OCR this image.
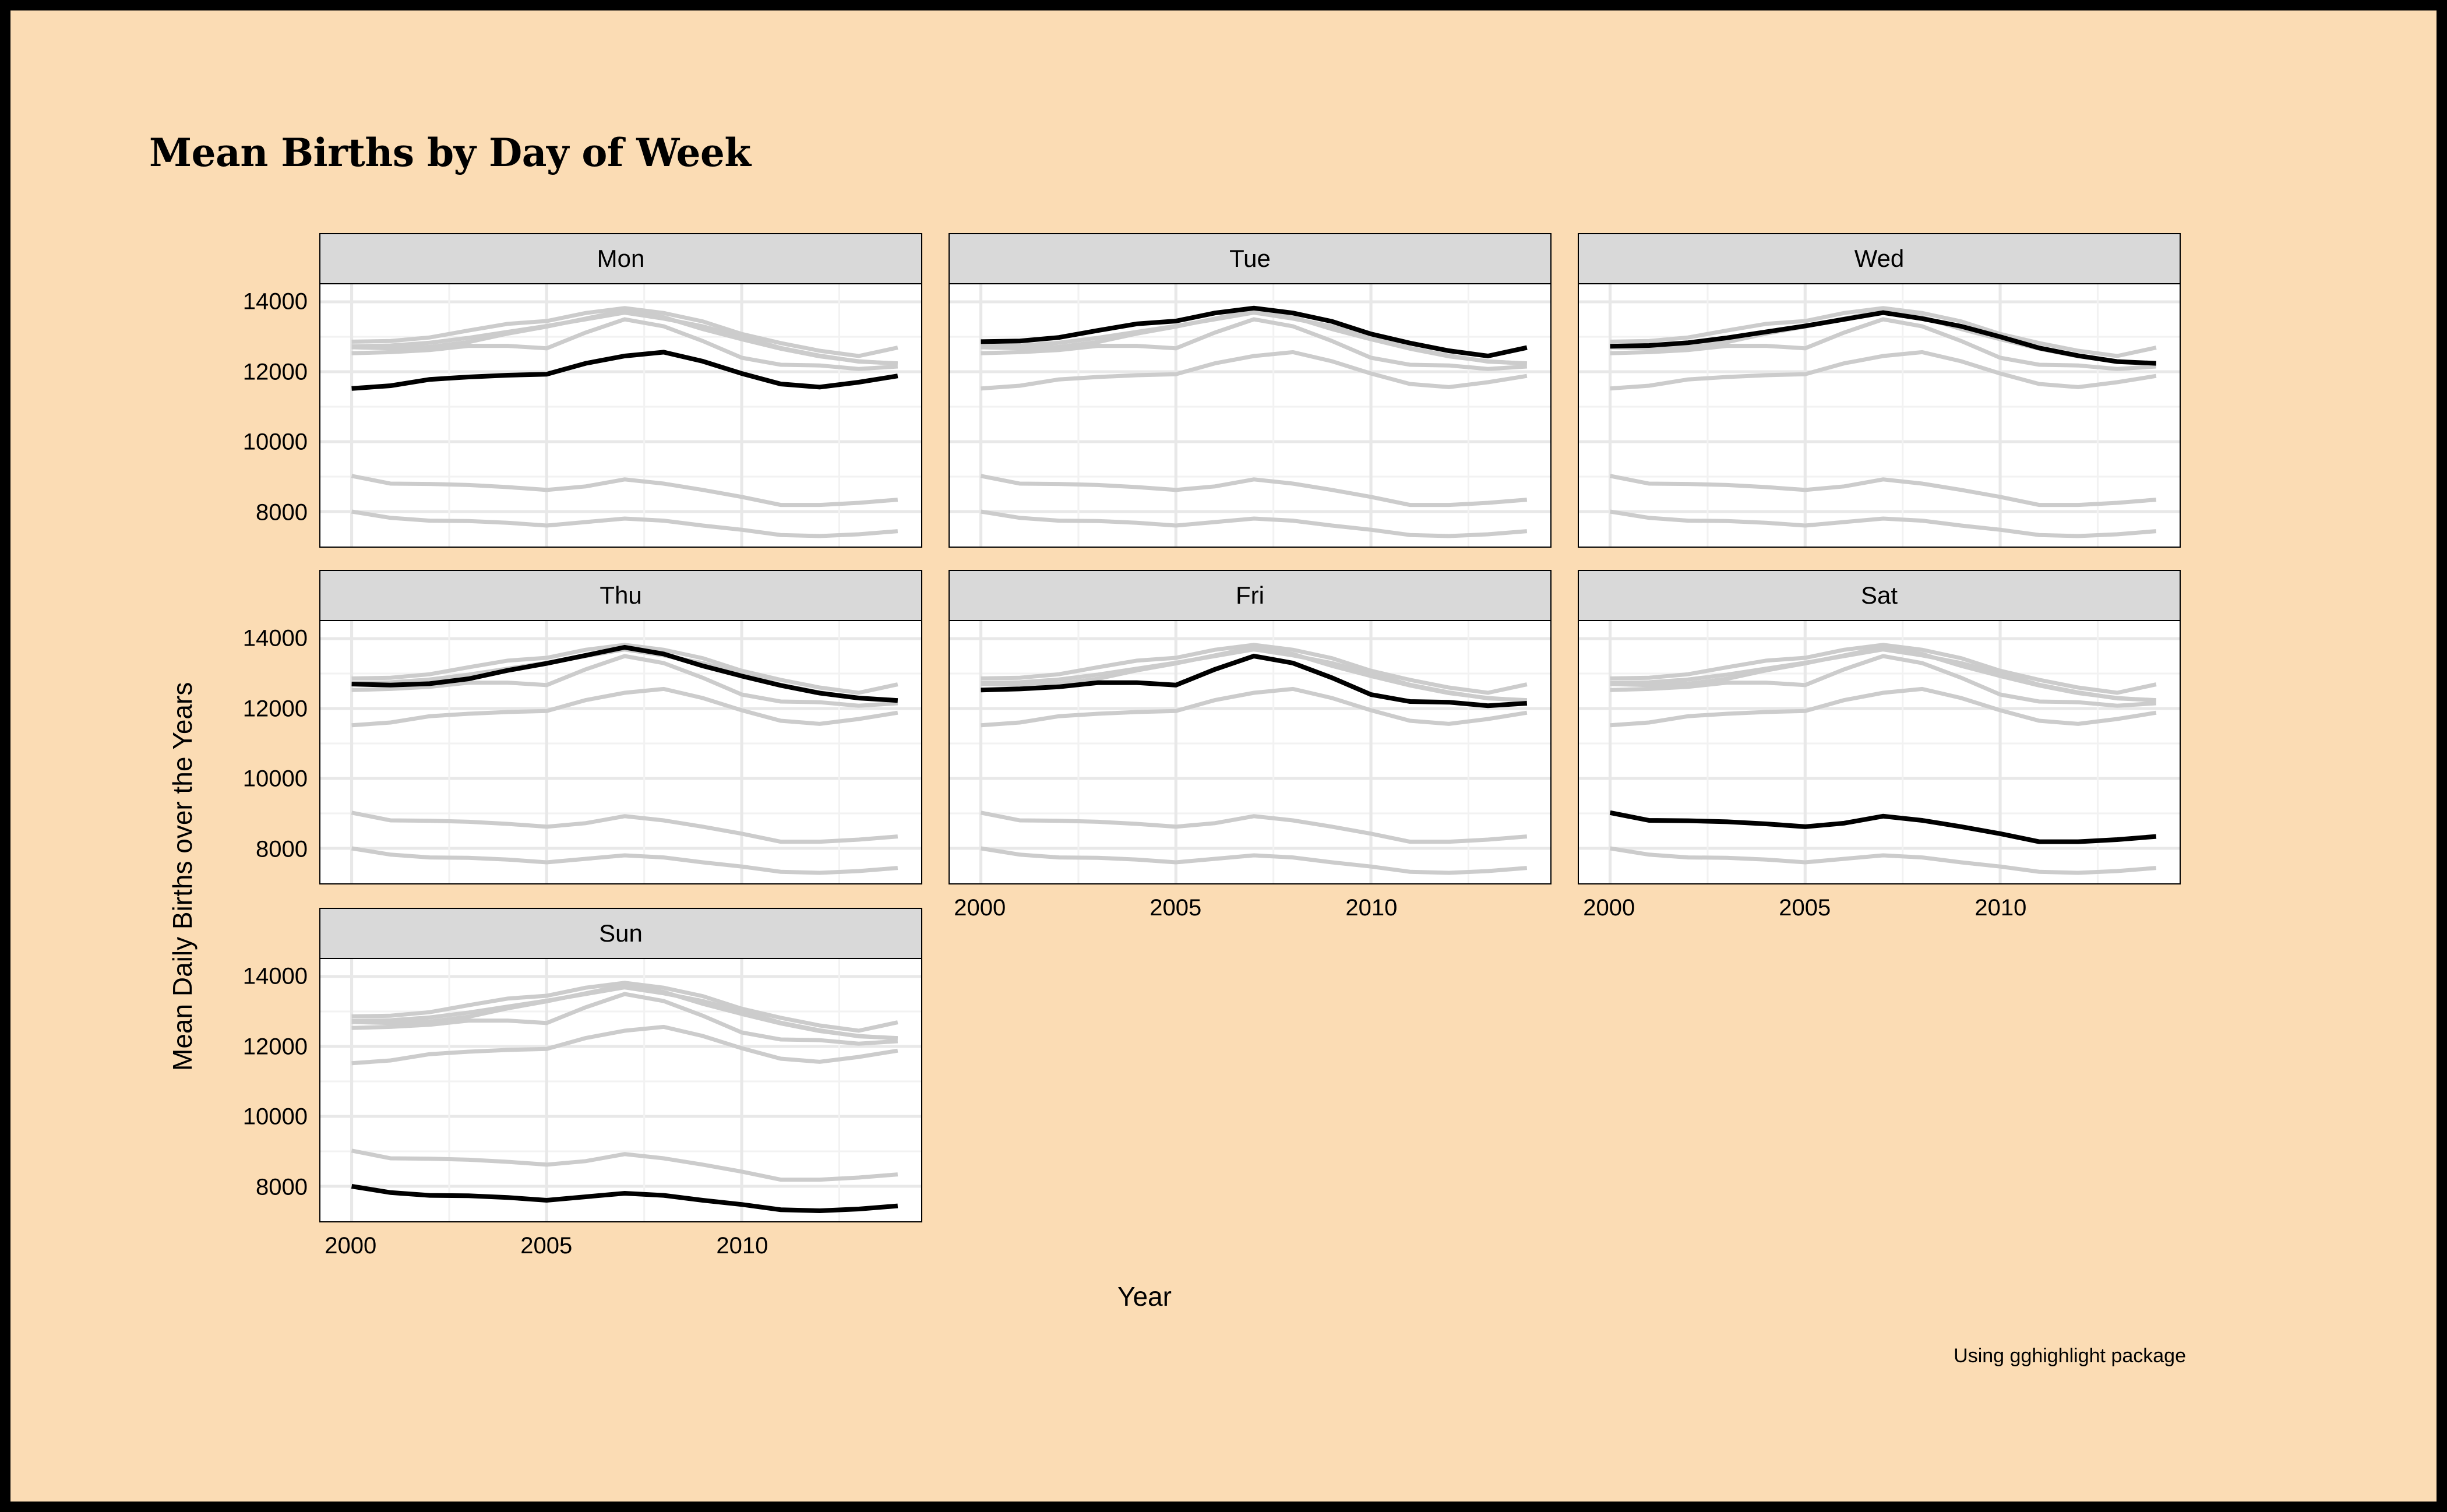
Mean Births by Day of Week
Mean Daily Births over the Years
Year
Using gghighlight package
Mon	Tue	Wed
Thu	Fri	Sat
Sun
14000
14000
14000
12000
12000
12000
10000
10000
10000
8000
8000
8000
2000	2000
2000
2005	2005
2005
2010	2010
2010
